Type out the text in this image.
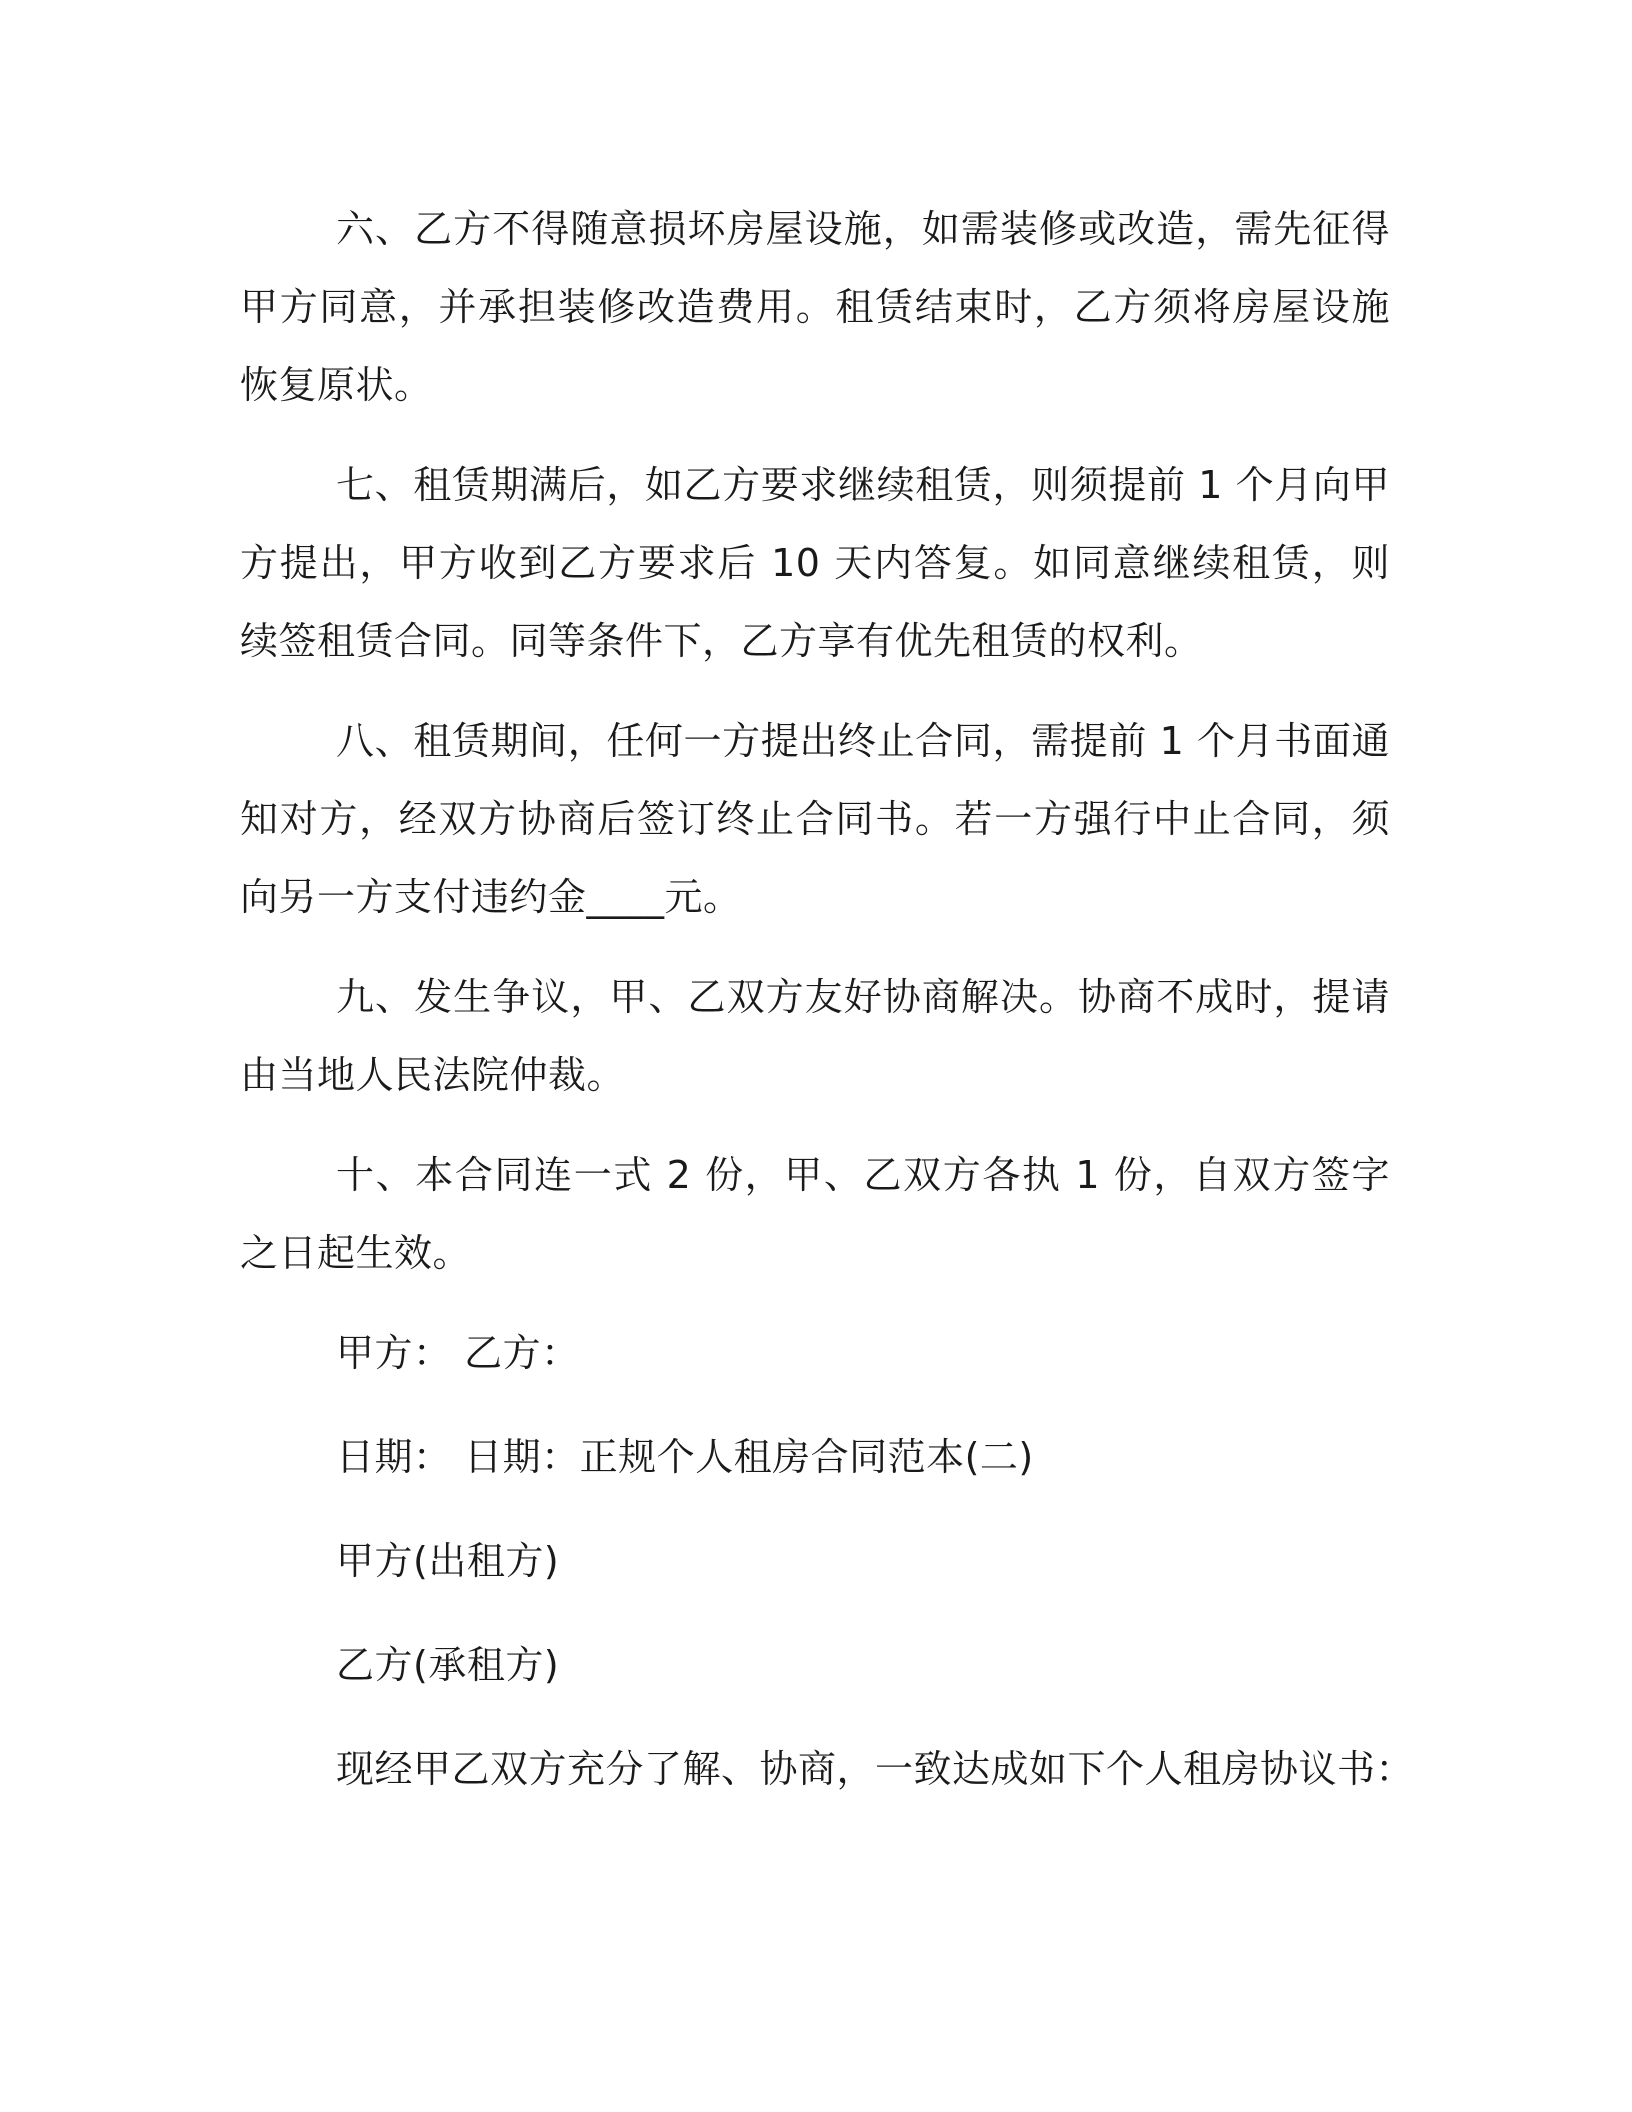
六、乙方不得随意损坏房屋设施，如需装修或改造，需先征得甲方同意，并承担装修改造费用。租赁结束时，乙方须将房屋设施恢复原状。

七、租赁期满后，如乙方要求继续租赁，则须提前 1 个月向甲方提出，甲方收到乙方要求后 10 天内答复。如同意继续租赁，则续签租赁合同。同等条件下，乙方享有优先租赁的权利。

八、租赁期间，任何一方提出终止合同，需提前 1 个月书面通知对方，经双方协商后签订终止合同书。若一方强行中止合同，须向另一方支付违约金____元。

九、发生争议，甲、乙双方友好协商解决。协商不成时，提请由当地人民法院仲裁。

十、本合同连一式 2 份，甲、乙双方各执 1 份，自双方签字之日起生效。

甲方： 乙方：
日期： 日期：正规个人租房合同范本(二)
甲方(出租方)
乙方(承租方)
现经甲乙双方充分了解、协商，一致达成如下个人租房协议书：
